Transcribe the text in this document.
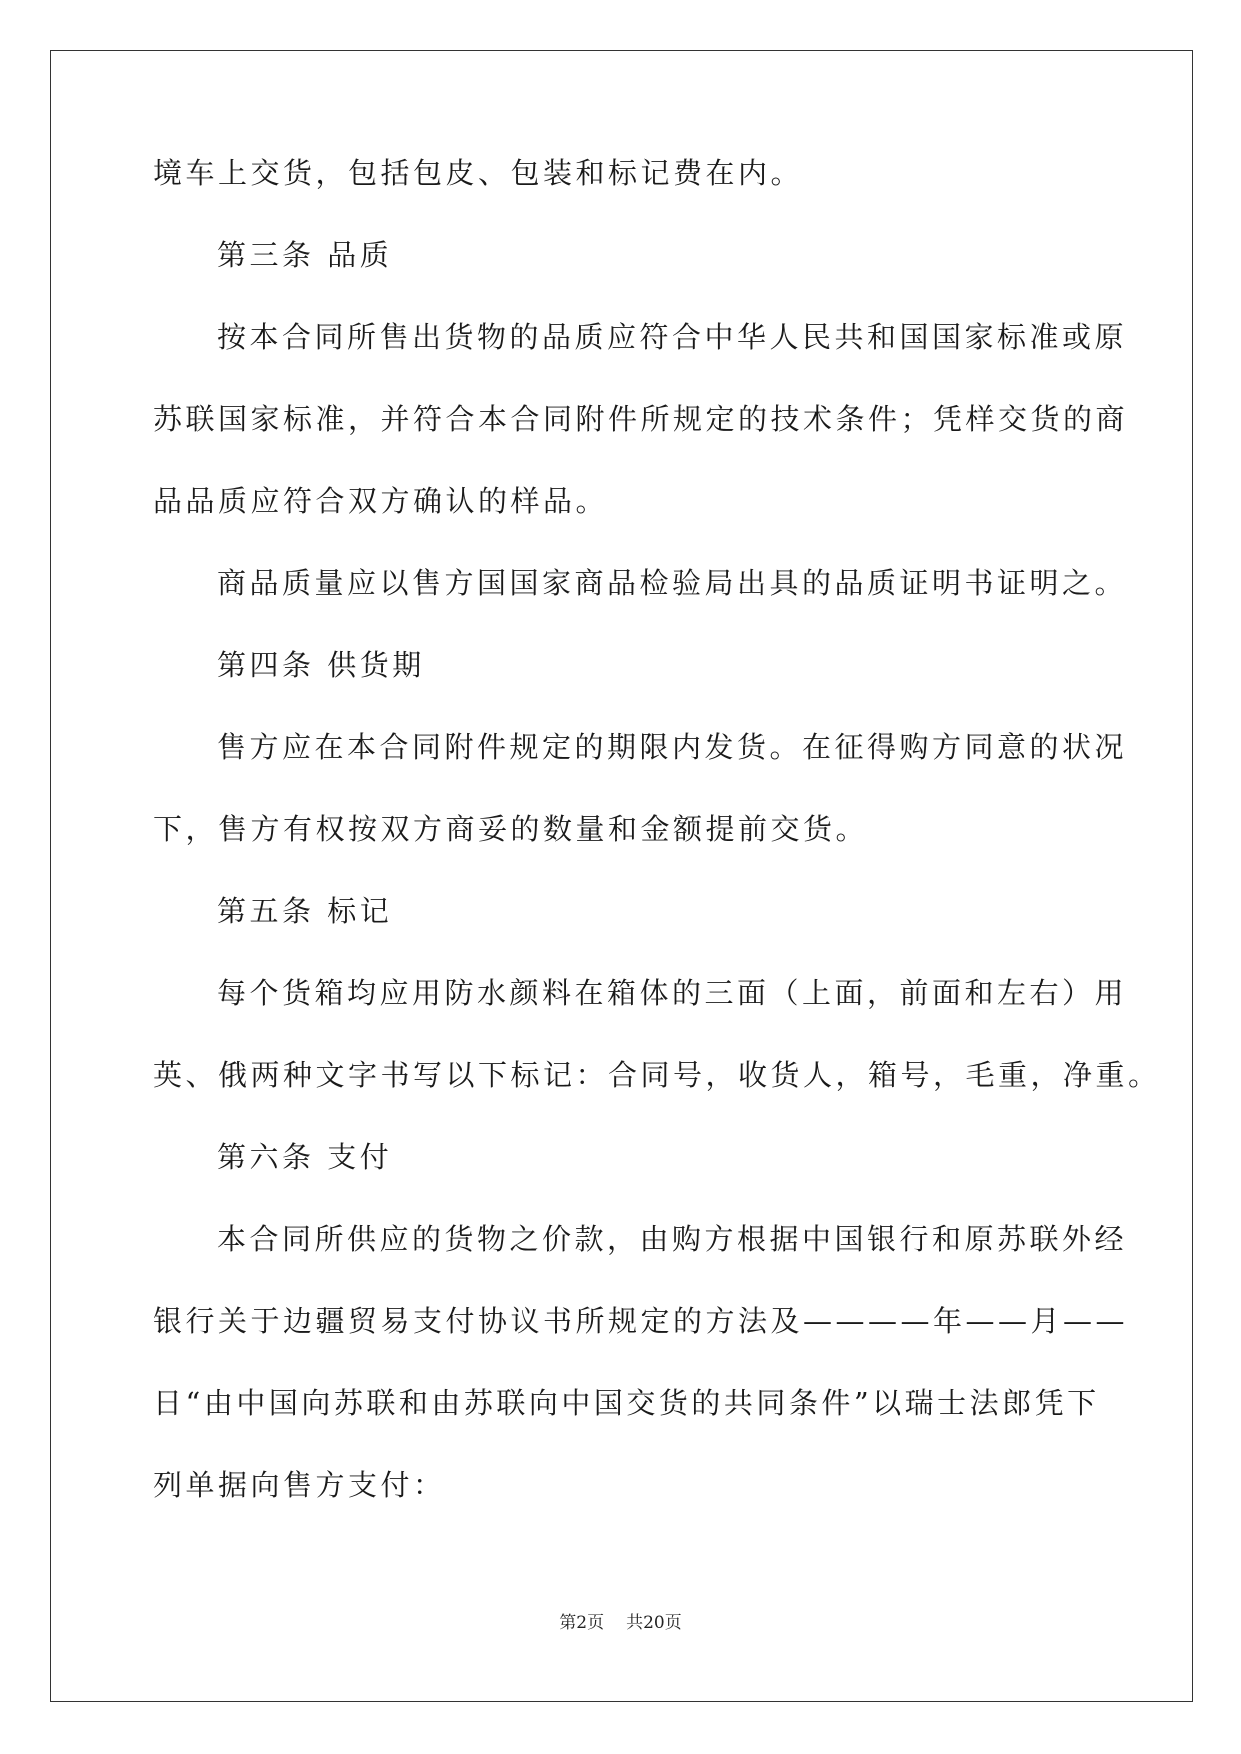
境车上交货，包括包皮、包装和标记费在内。
第三条 品质
按本合同所售出货物的品质应符合中华人民共和国国家标准或原
苏联国家标准，并符合本合同附件所规定的技术条件；凭样交货的商
品品质应符合双方确认的样品。
商品质量应以售方国国家商品检验局出具的品质证明书证明之。
第四条 供货期
售方应在本合同附件规定的期限内发货。在征得购方同意的状况
下，售方有权按双方商妥的数量和金额提前交货。
第五条 标记
每个货箱均应用防水颜料在箱体的三面（上面，前面和左右）用
英、俄两种文字书写以下标记：合同号，收货人，箱号，毛重，净重。
第六条 支付
本合同所供应的货物之价款，由购方根据中国银行和原苏联外经
银行关于边疆贸易支付协议书所规定的方法及————年——月——
日“由中国向苏联和由苏联向中国交货的共同条件”以瑞士法郎凭下
列单据向售方支付：
第2页 共20页
